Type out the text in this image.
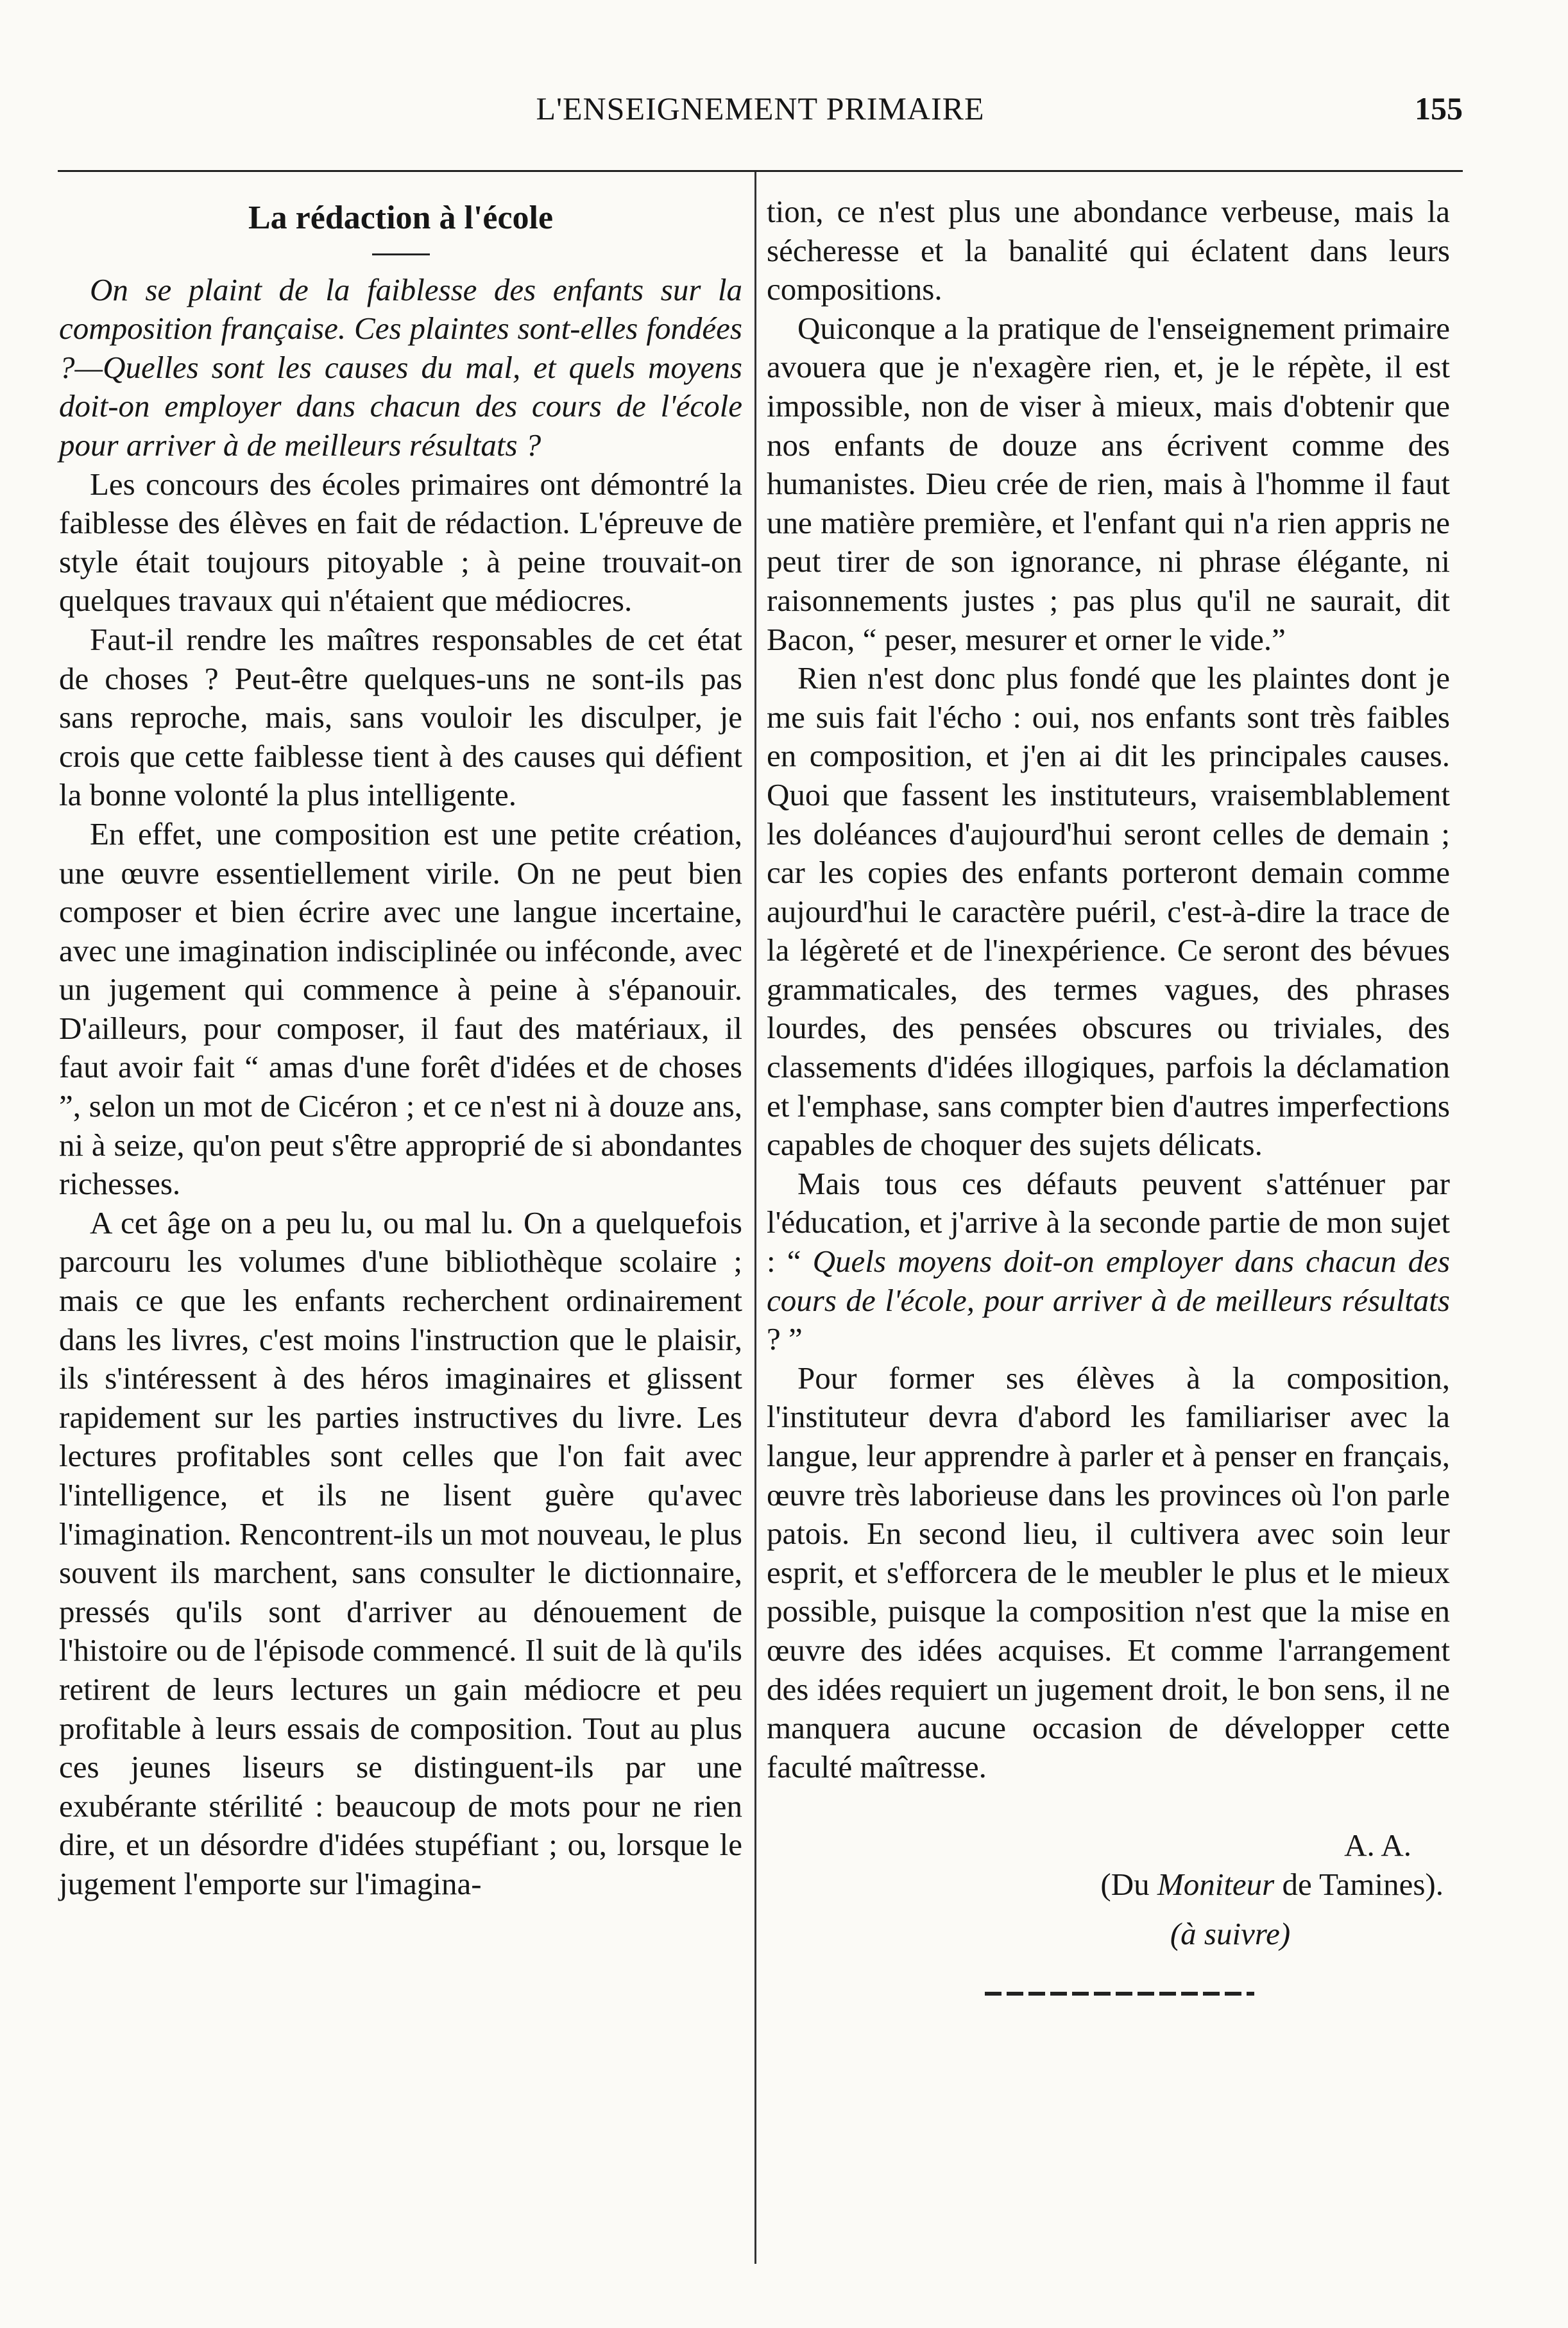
L'ENSEIGNEMENT PRIMAIRE	155
La rédaction à l'école

On se plaint de la faiblesse des enfants sur la composition française. Ces plaintes sont-elles fondées ?—Quelles sont les causes du mal, et quels moyens doit-on employer dans chacun des cours de l'école pour arriver à de meilleurs résultats ?

Les concours des écoles primaires ont démontré la faiblesse des élèves en fait de rédaction. L'épreuve de style était toujours pitoyable ; à peine trouvait-on quelques travaux qui n'étaient que médiocres.

Faut-il rendre les maîtres responsables de cet état de choses ? Peut-être quelques-uns ne sont-ils pas sans reproche, mais, sans vouloir les disculper, je crois que cette faiblesse tient à des causes qui défient la bonne volonté la plus intelligente.

En effet, une composition est une petite création, une œuvre essentiellement virile. On ne peut bien composer et bien écrire avec une langue incertaine, avec une imagination indisciplinée ou inféconde, avec un jugement qui commence à peine à s'épanouir. D'ailleurs, pour composer, il faut des matériaux, il faut avoir fait “ amas d'une forêt d'idées et de choses ”, selon un mot de Cicéron ; et ce n'est ni à douze ans, ni à seize, qu'on peut s'être approprié de si abondantes richesses.

A cet âge on a peu lu, ou mal lu. On a quelquefois parcouru les volumes d'une bibliothèque scolaire ; mais ce que les enfants recherchent ordinairement dans les livres, c'est moins l'instruction que le plaisir, ils s'intéressent à des héros imaginaires et glissent rapidement sur les parties instructives du livre. Les lectures profitables sont celles que l'on fait avec l'intelligence, et ils ne lisent guère qu'avec l'imagination. Rencontrent-ils un mot nouveau, le plus souvent ils marchent, sans consulter le dictionnaire, pressés qu'ils sont d'arriver au dénouement de l'histoire ou de l'épisode commencé. Il suit de là qu'ils retirent de leurs lectures un gain médiocre et peu profitable à leurs essais de composition. Tout au plus ces jeunes liseurs se distinguent-ils par une exubérante stérilité : beaucoup de mots pour ne rien dire, et un désordre d'idées stupéfiant ; ou, lorsque le jugement l'emporte sur l'imagina-

tion, ce n'est plus une abondance verbeuse, mais la sécheresse et la banalité qui éclatent dans leurs compositions.

Quiconque a la pratique de l'enseignement primaire avouera que je n'exagère rien, et, je le répète, il est impossible, non de viser à mieux, mais d'obtenir que nos enfants de douze ans écrivent comme des humanistes. Dieu crée de rien, mais à l'homme il faut une matière première, et l'enfant qui n'a rien appris ne peut tirer de son ignorance, ni phrase élégante, ni raisonnements justes ; pas plus qu'il ne saurait, dit Bacon, “ peser, mesurer et orner le vide.”

Rien n'est donc plus fondé que les plaintes dont je me suis fait l'écho : oui, nos enfants sont très faibles en composition, et j'en ai dit les principales causes. Quoi que fassent les instituteurs, vraisemblablement les doléances d'aujourd'hui seront celles de demain ; car les copies des enfants porteront demain comme aujourd'hui le caractère puéril, c'est-à-dire la trace de la légèreté et de l'inexpérience. Ce seront des bévues grammaticales, des termes vagues, des phrases lourdes, des pensées obscures ou triviales, des classements d'idées illogiques, parfois la déclamation et l'emphase, sans compter bien d'autres imperfections capables de choquer des sujets délicats.

Mais tous ces défauts peuvent s'atténuer par l'éducation, et j'arrive à la seconde partie de mon sujet : “ Quels moyens doit-on employer dans chacun des cours de l'école, pour arriver à de meilleurs résultats ? ”

Pour former ses élèves à la composition, l'instituteur devra d'abord les familiariser avec la langue, leur apprendre à parler et à penser en français, œuvre très laborieuse dans les provinces où l'on parle patois. En second lieu, il cultivera avec soin leur esprit, et s'efforcera de le meubler le plus et le mieux possible, puisque la composition n'est que la mise en œuvre des idées acquises. Et comme l'arrangement des idées requiert un jugement droit, le bon sens, il ne manquera aucune occasion de développer cette faculté maîtresse.

A. A.
(Du Moniteur de Tamines).
(à suivre)
